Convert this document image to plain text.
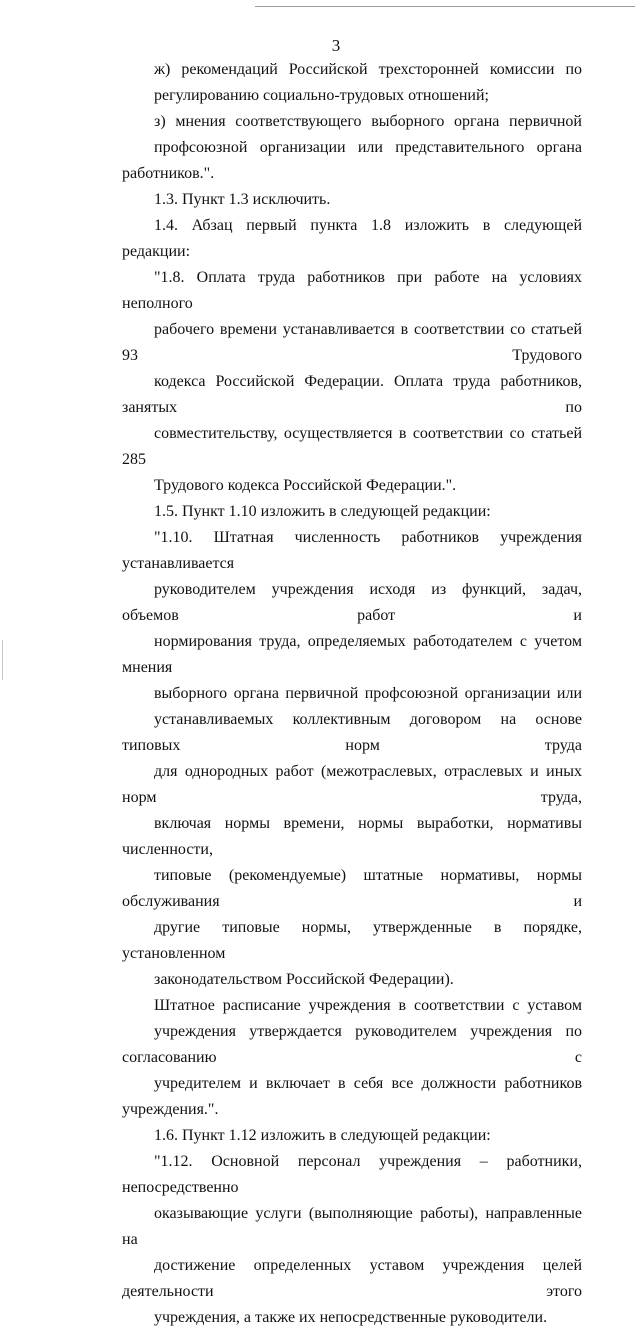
3

ж) рекомендаций Российской трехсторонней комиссии по
регулированию социально-трудовых отношений;

з) мнения соответствующего выборного органа первичной
профсоюзной организации или представительного органа работников.".

1.3. Пункт 1.3 исключить.

1.4. Абзац первый пункта 1.8 изложить в следующей редакции:

"1.8. Оплата труда работников при работе на условиях неполного
рабочего времени устанавливается в соответствии со статьей 93 Трудового
кодекса Российской Федерации. Оплата труда работников, занятых по
совместительству, осуществляется в соответствии со статьей 285
Трудового кодекса Российской Федерации.".

1.5. Пункт 1.10 изложить в следующей редакции:

"1.10. Штатная численность работников учреждения устанавливается
руководителем учреждения исходя из функций, задач, объемов работ и
нормирования труда, определяемых работодателем с учетом мнения
выборного органа первичной профсоюзной организации или
устанавливаемых коллективным договором на основе типовых норм труда
для однородных работ (межотраслевых, отраслевых и иных норм труда,
включая нормы времени, нормы выработки, нормативы численности,
типовые (рекомендуемые) штатные нормативы, нормы обслуживания и
другие типовые нормы, утвержденные в порядке, установленном
законодательством Российской Федерации).

Штатное расписание учреждения в соответствии с уставом
учреждения утверждается руководителем учреждения по согласованию с
учредителем и включает в себя все должности работников учреждения.".

1.6. Пункт 1.12 изложить в следующей редакции:

"1.12. Основной персонал учреждения – работники, непосредственно
оказывающие услуги (выполняющие работы), направленные на
достижение определенных уставом учреждения целей деятельности этого
учреждения, а также их непосредственные руководители.
